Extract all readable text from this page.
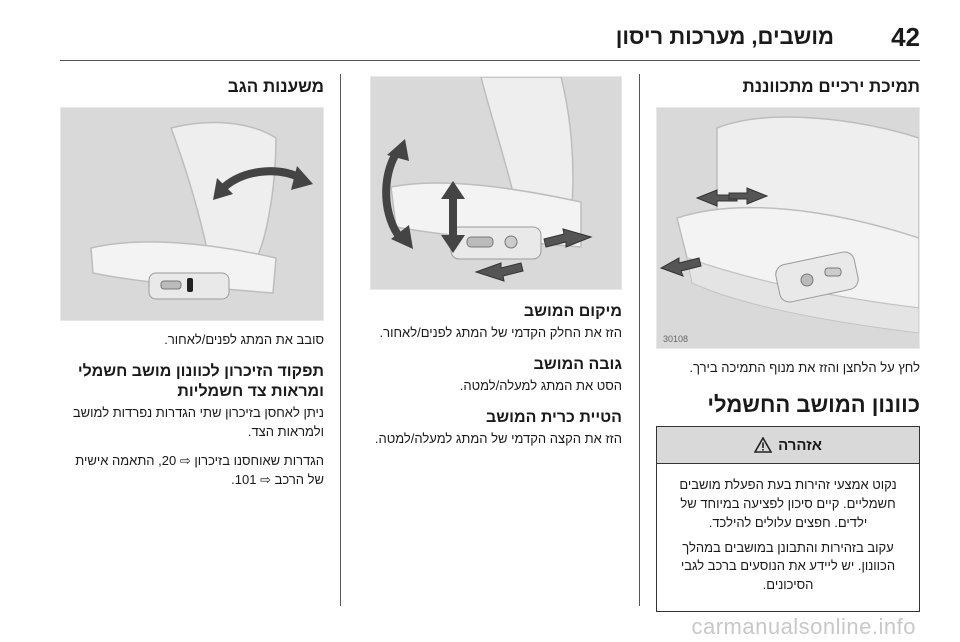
42
מושבים, מערכות ריסון
תמיכת ירכיים מתכווננת
30108

לחץ על הלחצן והזז את מנוף התמיכה בירך.

כוונון המושב החשמלי
אזהרה

נקוט אמצעי זהירות בעת הפעלת מושבים חשמליים. קיים סיכון לפציעה במיוחד של ילדים. חפצים עלולים להילכד.

עקוב בזהירות והתבונן במושבים במהלך הכוונון. יש ליידע את הנוסעים ברכב לגבי הסיכונים.

מיקום המושב

הזז את החלק הקדמי של המתג לפנים/לאחור.

גובה המושב

הסט את המתג למעלה/למטה.

הטיית כרית המושב

הזז את הקצה הקדמי של המתג למעלה/למטה.

משענות הגב

סובב את המתג לפנים/לאחור.

תפקוד הזיכרון לכוונון מושב חשמלי ומראות צד חשמליות

ניתן לאחסן בזיכרון שתי הגדרות נפרדות למושב ולמראות הצד.

הגדרות שאוחסנו בזיכרון ⇨ 20, התאמה אישית של הרכב ⇨ 101.

carmanualsonline.info
